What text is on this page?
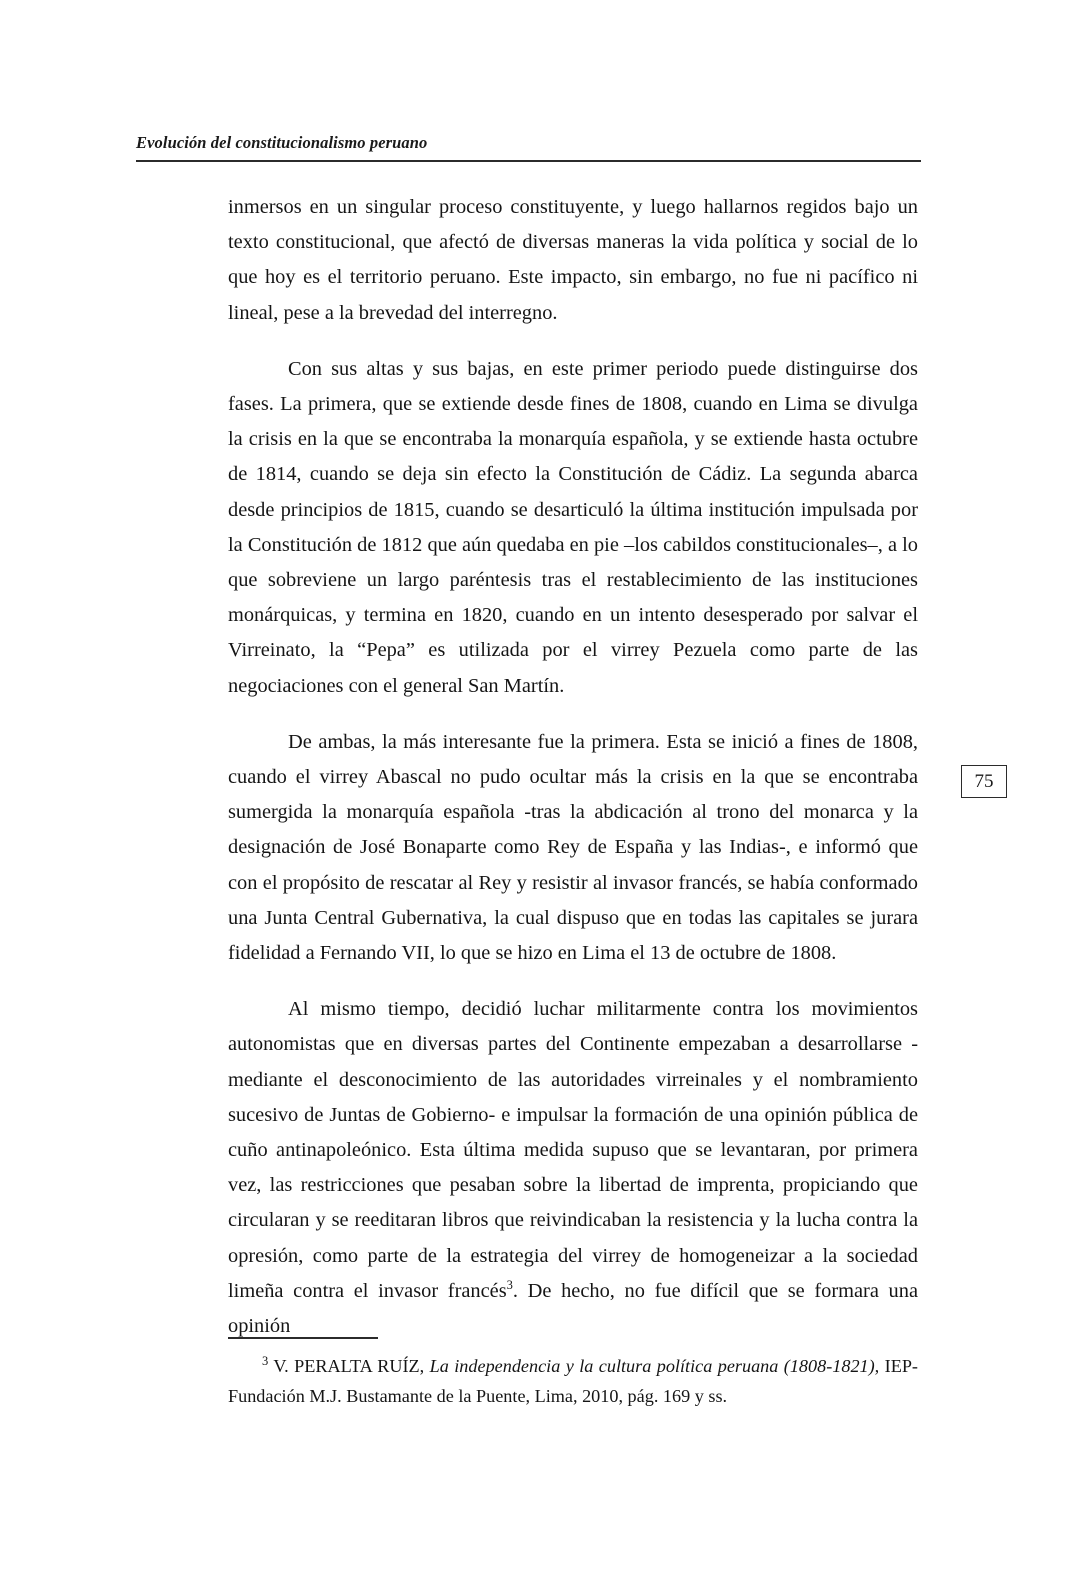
Evolución del constitucionalismo peruano

inmersos en un singular proceso constituyente, y luego hallarnos regidos bajo un texto constitucional, que afectó de diversas maneras la vida política y social de lo que hoy es el territorio peruano. Este impacto, sin embargo, no fue ni pacífico ni lineal, pese a la brevedad del interregno.

Con sus altas y sus bajas, en este primer periodo puede distinguirse dos fases. La primera, que se extiende desde fines de 1808, cuando en Lima se divulga la crisis en la que se encontraba la monarquía española, y se extiende hasta octubre de 1814, cuando se deja sin efecto la Constitución de Cádiz. La segunda abarca desde principios de 1815, cuando se desarticuló la última institución impulsada por la Constitución de 1812 que aún quedaba en pie –los cabildos constitucionales–, a lo que sobreviene un largo paréntesis tras el restablecimiento de las instituciones monárquicas, y termina en 1820, cuando en un intento desesperado por salvar el Virreinato, la “Pepa” es utilizada por el virrey Pezuela como parte de las negociaciones con el general San Martín.

De ambas, la más interesante fue la primera. Esta se inició a fines de 1808, cuando el virrey Abascal no pudo ocultar más la crisis en la que se encontraba sumergida la monarquía española -tras la abdicación al trono del monarca y la designación de José Bonaparte como Rey de España y las Indias-, e informó que con el propósito de rescatar al Rey y resistir al invasor francés, se había conformado una Junta Central Gubernativa, la cual dispuso que en todas las capitales se jurara fidelidad a Fernando VII, lo que se hizo en Lima el 13 de octubre de 1808.

Al mismo tiempo, decidió luchar militarmente contra los movimientos autonomistas que en diversas partes del Continente empezaban a desarrollarse -mediante el desconocimiento de las autoridades virreinales y el nombramiento sucesivo de Juntas de Gobierno- e impulsar la formación de una opinión pública de cuño antinapoleónico. Esta última medida supuso que se levantaran, por primera vez, las restricciones que pesaban sobre la libertad de imprenta, propiciando que circularan y se reeditaran libros que reivindicaban la resistencia y la lucha contra la opresión, como parte de la estrategia del virrey de homogeneizar a la sociedad limeña contra el invasor francés$^3$. De hecho, no fue difícil que se formara una opinión

75
$^3$ V. PERALTA RUÍZ, La independencia y la cultura política peruana (1808-1821), IEP-Fundación M.J. Bustamante de la Puente, Lima, 2010, pág. 169 y ss.
